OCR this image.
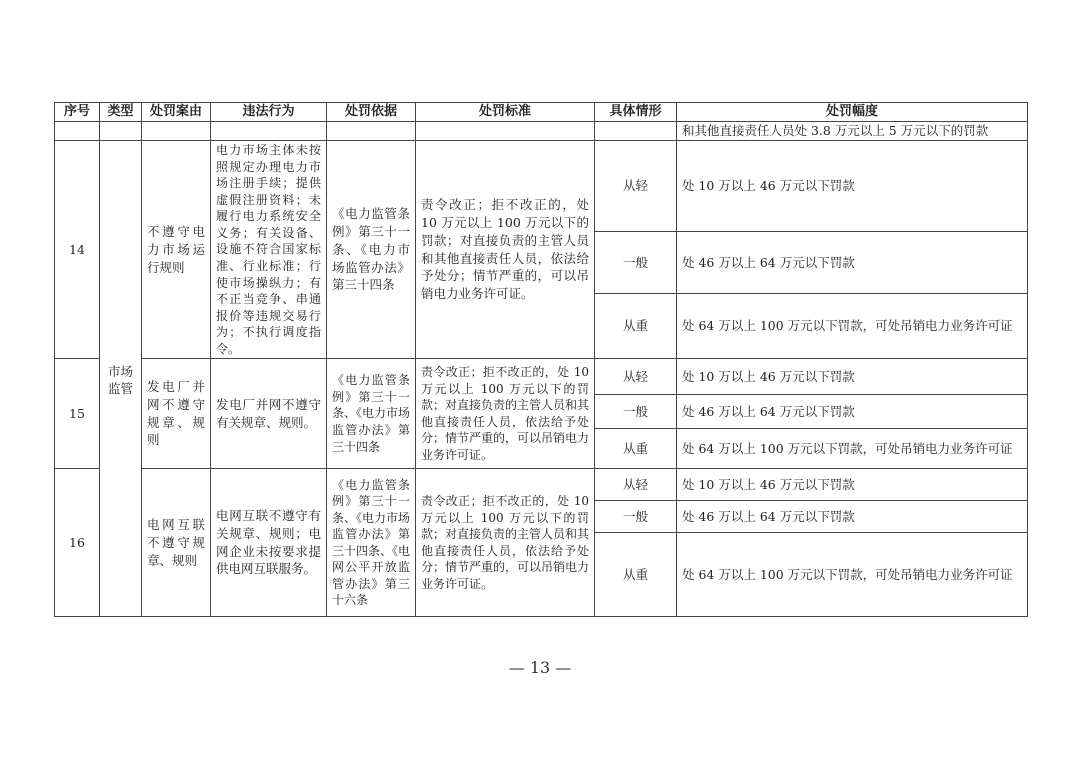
序号	类型	处罚案由	违法行为	处罚依据	处罚标准	具体情形	处罚幅度
							和其他直接责任人员处 3.8 万元以上 5 万元以下的罚款
14		不遵守电力市场运行规则	电力市场主体未按照规定办理电力市场注册手续；提供虚假注册资料；未履行电力系统安全义务；有关设备、设施不符合国家标准、行业标准；行使市场操纵力；有不正当竞争、串通报价等违规交易行为；不执行调度指令。	《电力监管条例》第三十一条、《电力市场监管办法》第三十四条	责令改正；拒不改正的，处 10 万元以上 100 万元以下的罚款；对直接负责的主管人员和其他直接责任人员，依法给予处分；情节严重的，可以吊销电力业务许可证。	从轻	处 10 万以上 46 万元以下罚款
						一般	处 46 万以上 64 万元以下罚款
						从重	处 64 万以上 100 万元以下罚款，可处吊销电力业务许可证
15	市场监管	发电厂并网不遵守规章、规则	发电厂并网不遵守有关规章、规则。	《电力监管条例》第三十一条、《电力市场监管办法》第三十四条	责令改正；拒不改正的，处 10 万元以上 100 万元以下的罚款；对直接负责的主管人员和其他直接责任人员，依法给予处分；情节严重的，可以吊销电力业务许可证。	从轻	处 10 万以上 46 万元以下罚款
						一般	处 46 万以上 64 万元以下罚款
						从重	处 64 万以上 100 万元以下罚款，可处吊销电力业务许可证
16		电网互联不遵守规章、规则	电网互联不遵守有关规章、规则；电网企业未按要求提供电网互联服务。	《电力监管条例》第三十一条、《电力市场监管办法》第三十四条、《电网公平开放监管办法》第三十六条	责令改正；拒不改正的，处 10 万元以上 100 万元以下的罚款；对直接负责的主管人员和其他直接责任人员，依法给予处分；情节严重的，可以吊销电力业务许可证。	从轻	处 10 万以上 46 万元以下罚款
						一般	处 46 万以上 64 万元以下罚款
						从重	处 64 万以上 100 万元以下罚款，可处吊销电力业务许可证
— 13 —
